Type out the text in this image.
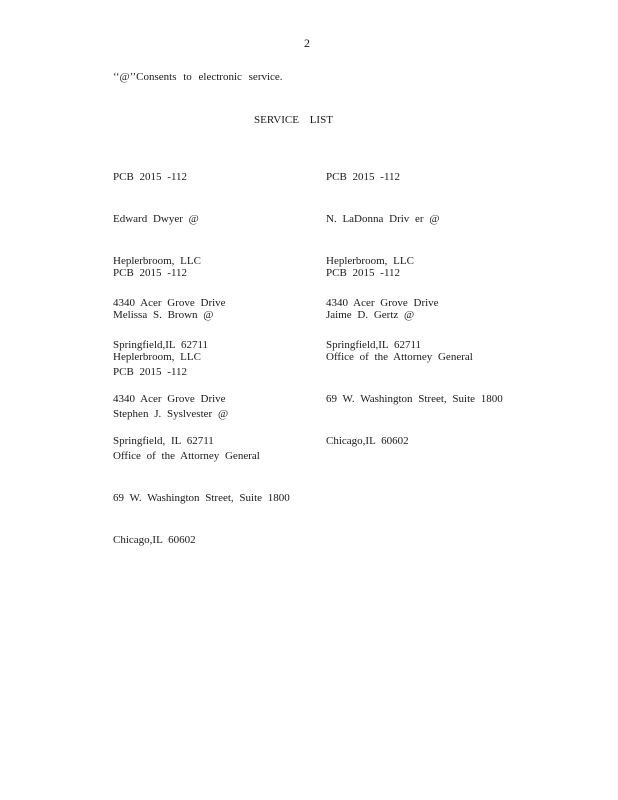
2
‘‘@’’Consents to electronic service.
SERVICE LIST

PCB 2015 -112

Edward Dwyer @

Heplerbroom, LLC

4340 Acer Grove Drive

Springfield,IL 62711

PCB 2015 -112

N. LaDonna Driv er @

Heplerbroom, LLC

4340 Acer Grove Drive

Springfield,IL 62711

PCB 2015 -112

Melissa S. Brown @

Heplerbroom, LLC

4340 Acer Grove Drive

Springfield, IL 62711

PCB 2015 -112

Jaime D. Gertz @

Office of the Attorney General

69 W. Washington Street, Suite 1800

Chicago,IL 60602

PCB 2015 -112

Stephen J. Syslvester @

Office of the Attorney General

69 W. Washington Street, Suite 1800

Chicago,IL 60602
